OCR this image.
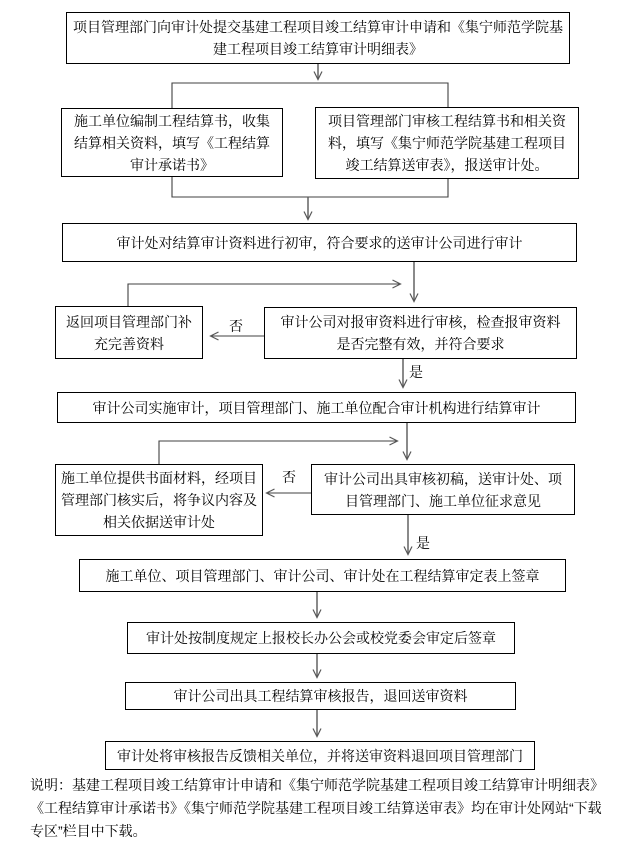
项目管理部门向审计处提交基建工程项目竣工结算审计申请和《集宁师范学院基建工程项目竣工结算审计明细表》
施工单位编制工程结算书，收集结算相关资料，填写《工程结算审计承诺书》
项目管理部门审核工程结算书和相关资料，填写《集宁师范学院基建工程项目竣工结算送审表》，报送审计处。
审计处对结算审计资料进行初审，符合要求的送审计公司进行审计
返回项目管理部门补充完善资料
审计公司对报审资料进行审核，检查报审资料是否完整有效，并符合要求
审计公司实施审计，项目管理部门、施工单位配合审计机构进行结算审计
施工单位提供书面材料，经项目管理部门核实后，将争议内容及相关依据送审计处
审计公司出具审核初稿，送审计处、项目管理部门、施工单位征求意见
施工单位、项目管理部门、审计公司、审计处在工程结算审定表上签章
审计处按制度规定上报校长办公会或校党委会审定后签章
审计公司出具工程结算审核报告，退回送审资料
审计处将审核报告反馈相关单位，并将送审资料退回项目管理部门
否
是
否
是
说明：基建工程项目竣工结算审计申请和《集宁师范学院基建工程项目竣工结算审计明细表》《工程结算审计承诺书》《集宁师范学院基建工程项目竣工结算送审表》均在审计处网站“下载专区”栏目中下载。
